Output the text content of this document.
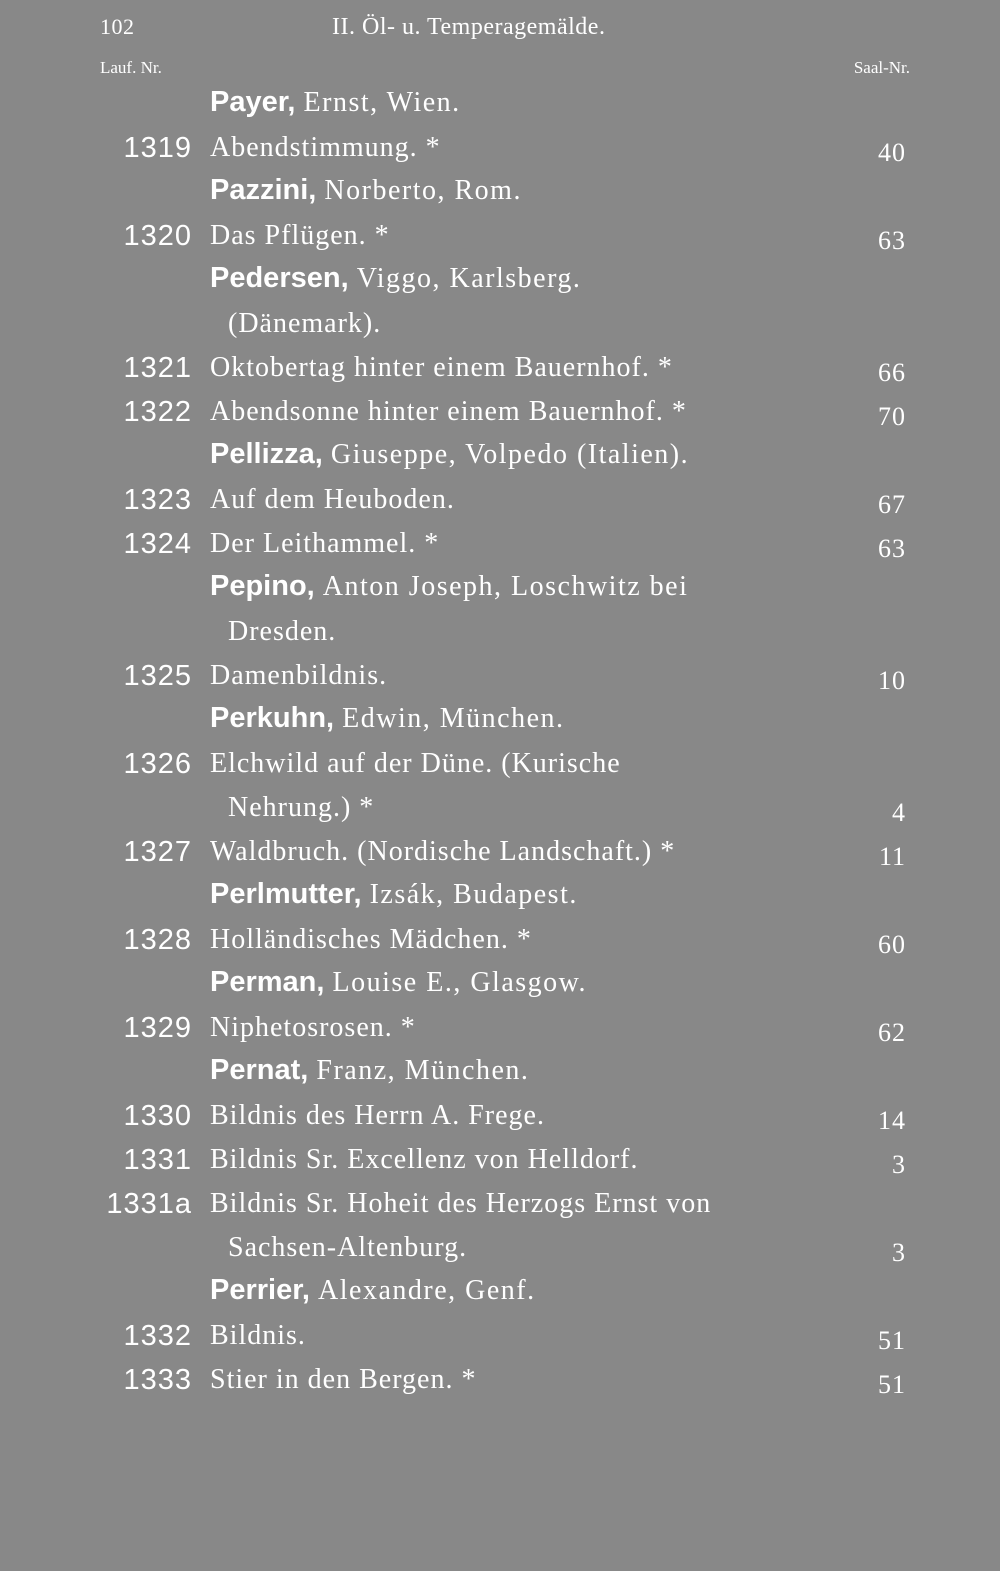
102	II. Öl- u. Temperagemälde.
Lauf. Nr.	Saal-Nr.
Payer, Ernst, Wien.
1319 Abendstimmung. *	40
Pazzini, Norberto, Rom.
1320 Das Pflügen. *	63
Pedersen, Viggo, Karlsberg.
(Dänemark).
1321 Oktobertag hinter einem Bauernhof. *	66
1322 Abendsonne hinter einem Bauernhof. *	70
Pellizza, Giuseppe, Volpedo (Italien).
1323 Auf dem Heuboden.	67
1324 Der Leithammel. *	63
Pepino, Anton Joseph, Loschwitz bei
Dresden.
1325 Damenbildnis.	10
Perkuhn, Edwin, München.
1326 Elchwild auf der Düne. (Kurische
Nehrung.) *	4
1327 Waldbruch. (Nordische Landschaft.) *	11
Perlmutter, Izsák, Budapest.
1328 Holländisches Mädchen. *	60
Perman, Louise E., Glasgow.
1329 Niphetosrosen. *	62
Pernat, Franz, München.
1330 Bildnis des Herrn A. Frege.	14
1331 Bildnis Sr. Excellenz von Helldorf.	3
1331a Bildnis Sr. Hoheit des Herzogs Ernst von
Sachsen-Altenburg.	3
Perrier, Alexandre, Genf.
1332 Bildnis.	51
1333 Stier in den Bergen. *	51
